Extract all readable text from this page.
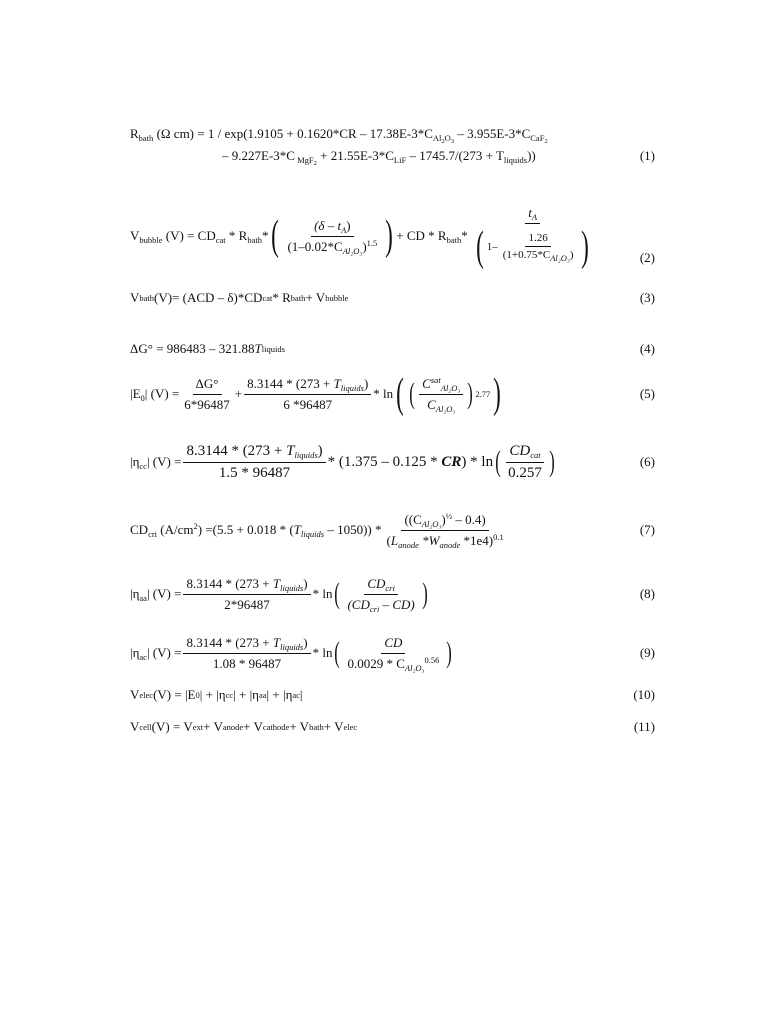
$R_{bath}$ (Ω $cm) = 1 / \exp(1.9105 + 0.1620*CR - 17.38E-3*C_{Al_2O_3} - 3.955E-3*C_{CaF_2}$
– 9.227E-3*C $_{MgF_2} + 21.55E-3*C_{LiF} - 1745.7/(273 + T_{liquids})$)	(1)
$V_{bubble}$ $(V) = CD_{cat} * R_{bath}*$ ( $\frac{(\delta - t_A)}{(1-0.02*C_{Al_2O_3})^{1.5}}$ ) + CD * $R_{bath}* \frac{t_A}{( 1- \frac{1.26}{(1+0.75*C_{Al_2O_3})} )}$	(2)
V bath (V)= (ACD – δ)*CD cat * R bath + V bubble	(3)
ΔG° = 986483 – 321.88 T liquids	(4)
$|E_0|$ $(V) = \frac{\Delta G^\circ}{6*96487} + \frac{8.3144 * (273 + T_{liquids})}{6 *96487} * \ln$ ( ( $\frac{C^{sat}_{Al_2O_3}}{C_{Al_2O_3}}$ ) 2.77 )	(5)
$|\eta_{cc}|$ $(V) = \frac{8.3144 * (273 + T_{liquids})}{1.5 * 96487} * (1.375 - 0.125 * CR) * \ln$ ( $\frac{CD_{cat}}{0.257}$ )	(6)
$CD_{cri}$ $(A/cm^2) = (5.5 + 0.018 * (T_{liquids} - 1050)) * \frac{((C_{Al_2O_3})^{\frac{1}{2}} - 0.4)}{(L_{anode} *W_{anode} *1e4)^{0.1}}$	(7)
$|\eta_{aa}|$ $(V) = \frac{8.3144 * (273 + T_{liquids})}{2*96487} * \ln$ ( $\frac{CD_{cri}}{(CD_{cri} - CD)}$ )	(8)
$|\eta_{ac}|$ $(V) = \frac{8.3144 * (273 + T_{liquids})}{1.08 * 96487} * \ln$ ( $\frac{CD}{0.0029 * C_{Al_2O_3}^{0.56}}$ )	(9)
V elec (V) = |E 0 | + |η cc | + |η aa | + |η ac |	(10)
V cell (V) = V ext + V anode + V cathode + V bath + V elec	(11)
